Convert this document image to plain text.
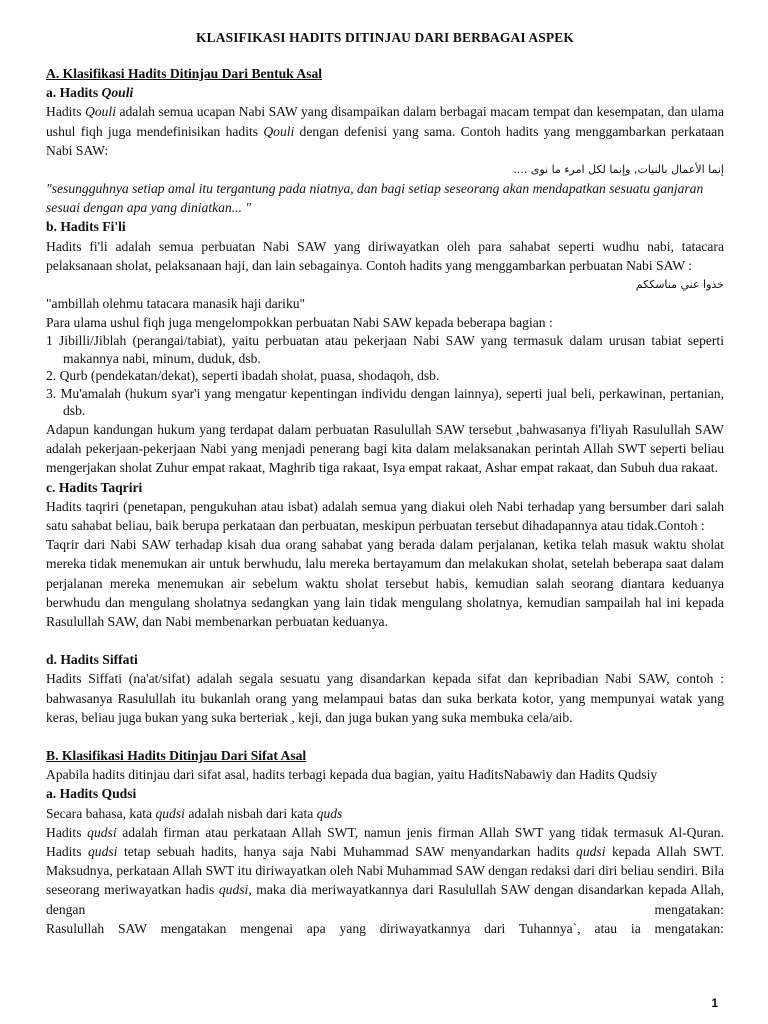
KLASIFIKASI HADITS DITINJAU DARI BERBAGAI ASPEK

A. Klasifikasi Hadits Ditinjau Dari Bentuk Asal

a. Hadits Qouli

Hadits Qouli adalah semua ucapan Nabi SAW yang disampaikan dalam berbagai macam tempat dan kesempatan, dan ulama ushul fiqh juga mendefinisikan hadits Qouli dengan defenisi yang sama. Contoh hadits yang menggambarkan perkataan Nabi SAW:

إنما الأعمال بالنيات, وإنما لكل امرء ما نوى ....

"sesungguhnya setiap amal itu tergantung pada niatnya, dan bagi setiap seseorang akan mendapatkan sesuatu ganjaran sesuai dengan apa yang diniatkan... "

b. Hadits Fi'li

Hadits fi'li adalah semua perbuatan Nabi SAW yang diriwayatkan oleh para sahabat seperti wudhu nabi, tatacara pelaksanaan sholat, pelaksanaan haji, dan lain sebagainya. Contoh hadits yang menggambarkan perbuatan Nabi SAW :

خذوا عني مناسككم

"ambillah olehmu tatacara manasik haji dariku"

Para ulama ushul fiqh juga mengelompokkan perbuatan Nabi SAW kepada beberapa bagian :

1 Jibilli/Jiblah (perangai/tabiat), yaitu perbuatan atau pekerjaan Nabi SAW yang termasuk dalam urusan tabiat seperti makannya nabi, minum, duduk, dsb.

2. Qurb (pendekatan/dekat), seperti ibadah sholat, puasa, shodaqoh, dsb.

3. Mu'amalah (hukum syar'i yang mengatur kepentingan individu dengan lainnya), seperti jual beli, perkawinan, pertanian, dsb.

Adapun kandungan hukum yang terdapat dalam perbuatan Rasulullah SAW tersebut ,bahwasanya fi'liyah Rasulullah SAW adalah pekerjaan-pekerjaan Nabi yang menjadi penerang bagi kita dalam melaksanakan perintah Allah SWT seperti beliau mengerjakan sholat Zuhur empat rakaat, Maghrib tiga rakaat, Isya empat rakaat, Ashar empat rakaat, dan Subuh dua rakaat.

c. Hadits Taqriri

Hadits taqriri (penetapan, pengukuhan atau isbat) adalah semua yang diakui oleh Nabi terhadap yang bersumber dari salah satu sahabat beliau, baik berupa perkataan dan perbuatan, meskipun perbuatan tersebut dihadapannya atau tidak.Contoh :

Taqrir dari Nabi SAW terhadap kisah dua orang sahabat yang berada dalam perjalanan, ketika telah masuk waktu sholat mereka tidak menemukan air untuk berwhudu, lalu mereka bertayamum dan melakukan sholat, setelah beberapa saat dalam perjalanan mereka menemukan air sebelum waktu sholat tersebut habis, kemudian salah seorang diantara keduanya berwhudu dan mengulang sholatnya sedangkan yang lain tidak mengulang sholatnya, kemudian sampailah hal ini kepada Rasulullah SAW, dan Nabi membenarkan perbuatan keduanya.

d. Hadits Siffati

Hadits Siffati (na'at/sifat) adalah segala sesuatu yang disandarkan kepada sifat dan kepribadian Nabi SAW, contoh : bahwasanya Rasulullah itu bukanlah orang yang melampaui batas dan suka berkata kotor, yang mempunyai watak yang keras, beliau juga bukan yang suka berteriak , keji, dan juga bukan yang suka membuka cela/aib.

B. Klasifikasi Hadits Ditinjau Dari Sifat Asal

Apabila hadits ditinjau dari sifat asal, hadits terbagi kepada dua bagian, yaitu HaditsNabawiy dan Hadits Qudsiy

a. Hadits Qudsi

Secara bahasa, kata qudsi adalah nisbah dari kata quds

Hadits qudsi adalah firman atau perkataan Allah SWT, namun jenis firman Allah SWT yang tidak termasuk Al-Quran. Hadits qudsi tetap sebuah hadits, hanya saja Nabi Muhammad SAW menyandarkan hadits qudsi kepada Allah SWT. Maksudnya, perkataan Allah SWT itu diriwayatkan oleh Nabi Muhammad SAW dengan redaksi dari diri beliau sendiri. Bila seseorang meriwayatkan hadis qudsi, maka dia meriwayatkannya dari Rasulullah SAW dengan disandarkan kepada Allah, dengan mengatakan:

Rasulullah SAW mengatakan mengenai apa yang diriwayatkannya dari Tuhannya`, atau ia mengatakan:

1
